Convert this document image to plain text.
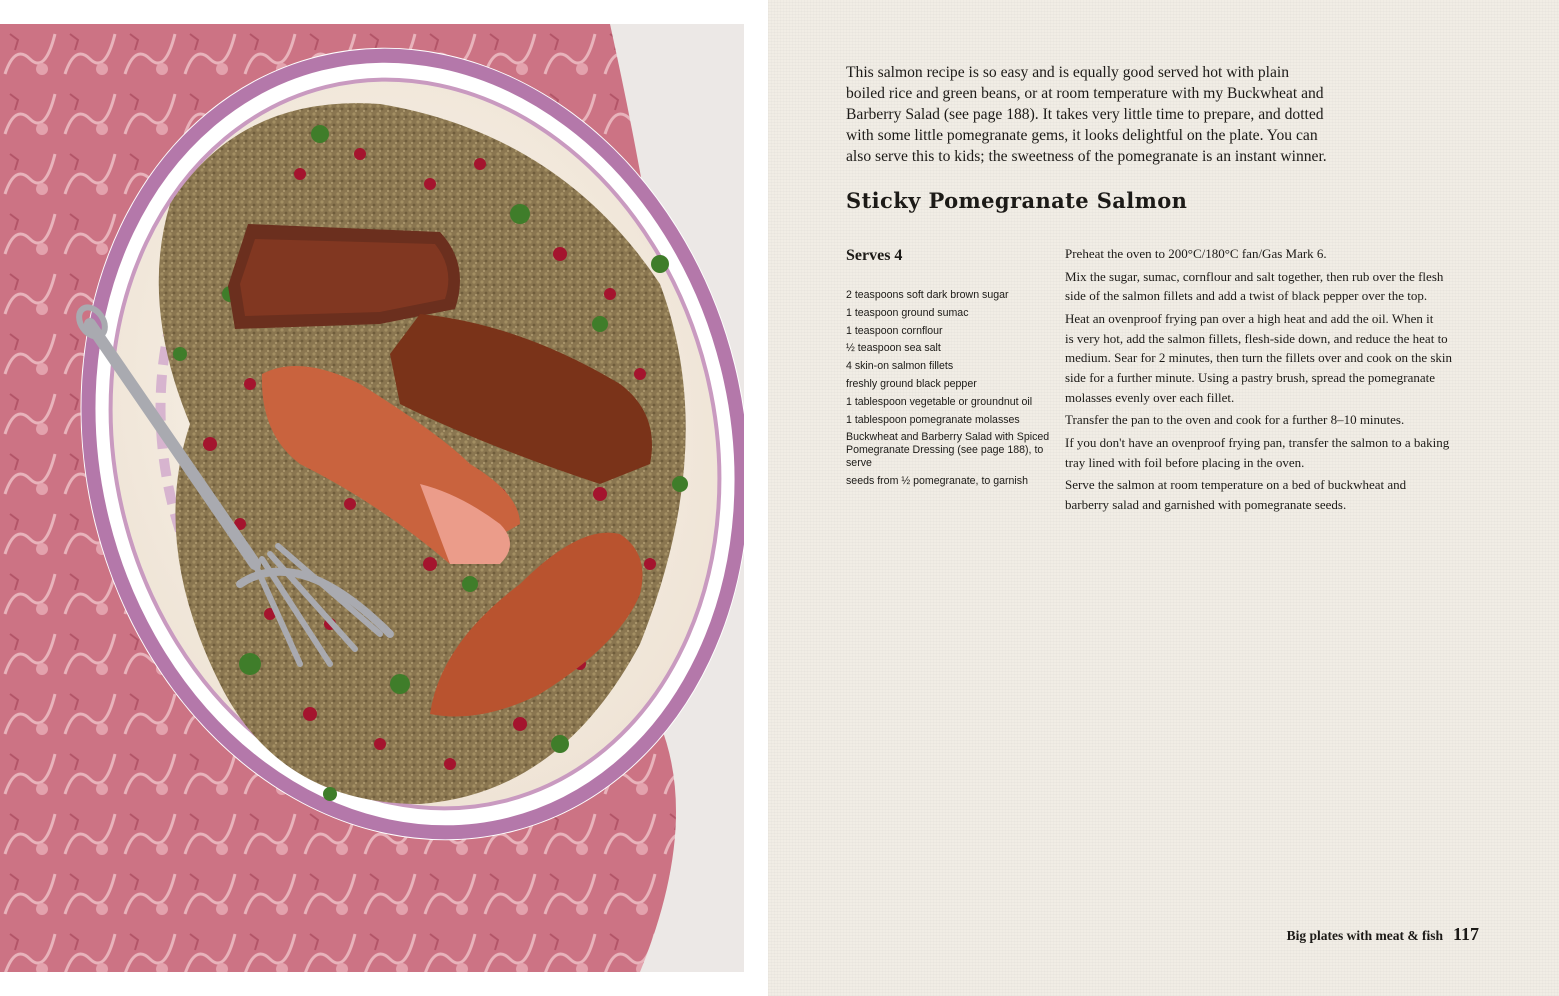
This salmon recipe is so easy and is equally good served hot with plain
boiled rice and green beans, or at room temperature with my Buckwheat and
Barberry Salad (see page 188). It takes very little time to prepare, and dotted
with some little pomegranate gems, it looks delightful on the plate. You can
also serve this to kids; the sweetness of the pomegranate is an instant winner.

Sticky Pomegranate Salmon
Serves 4
2 teaspoons soft dark brown sugar
1 teaspoon ground sumac
1 teaspoon cornflour
½ teaspoon sea salt
4 skin-on salmon fillets
freshly ground black pepper
1 tablespoon vegetable or groundnut oil
1 tablespoon pomegranate molasses
Buckwheat and Barberry Salad with Spiced Pomegranate Dressing (see page 188), to serve
seeds from ½ pomegranate, to garnish

Preheat the oven to 200°C/180°C fan/Gas Mark 6.

Mix the sugar, sumac, cornflour and salt together, then rub over the flesh
side of the salmon fillets and add a twist of black pepper over the top.

Heat an ovenproof frying pan over a high heat and add the oil. When it
is very hot, add the salmon fillets, flesh-side down, and reduce the heat to
medium. Sear for 2 minutes, then turn the fillets over and cook on the skin
side for a further minute. Using a pastry brush, spread the pomegranate
molasses evenly over each fillet.

Transfer the pan to the oven and cook for a further 8–10 minutes.

If you don't have an ovenproof frying pan, transfer the salmon to a baking
tray lined with foil before placing in the oven.

Serve the salmon at room temperature on a bed of buckwheat and
barberry salad and garnished with pomegranate seeds.

Big plates with meat & fish 117
